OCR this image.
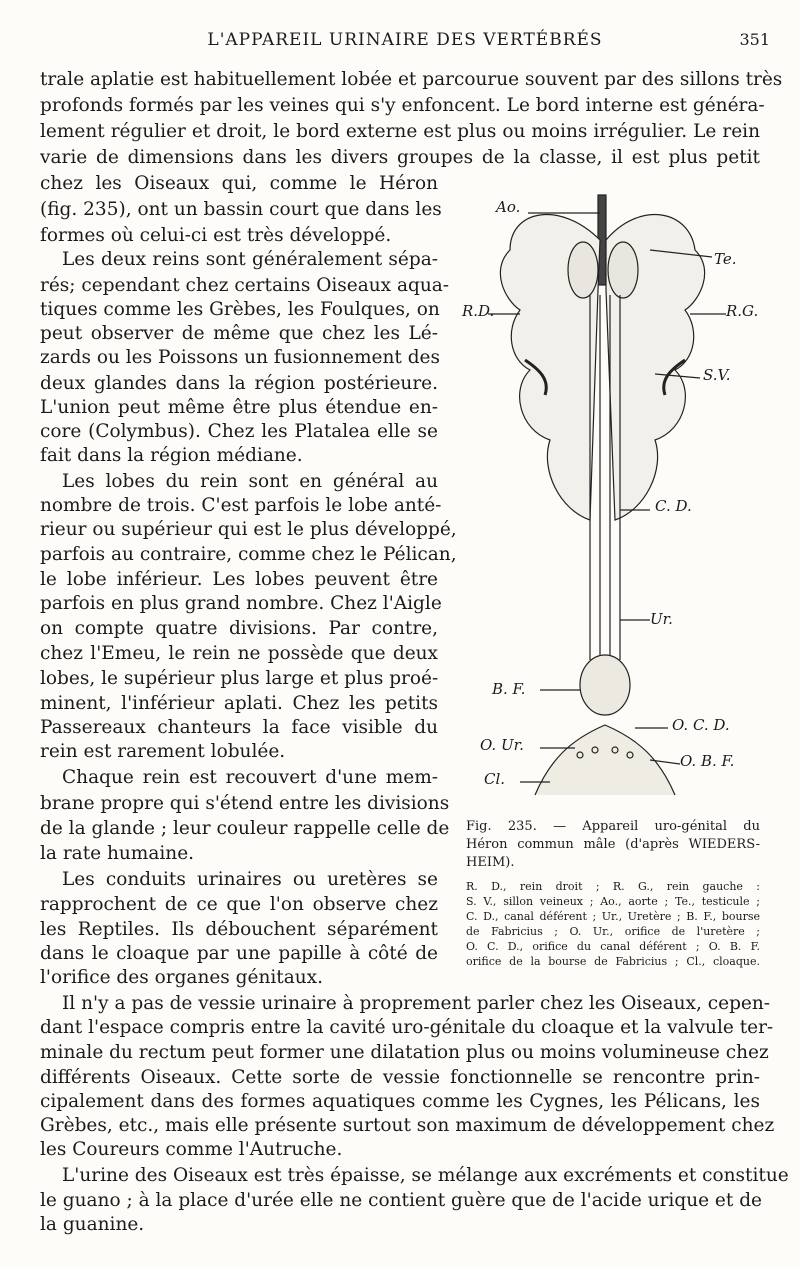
L'APPAREIL URINAIRE DES VERTÉBRÉS	351
trale aplatie est habituellement lobée et parcourue souvent par des sillons très
profonds formés par les veines qui s'y enfoncent. Le bord interne est généra-
lement régulier et droit, le bord externe est plus ou moins irrégulier. Le rein
varie de dimensions dans les divers groupes de la classe, il est plus petit
chez les Oiseaux qui, comme le Héron
(fig. 235), ont un bassin court que dans les
formes où celui-ci est très développé.
Les deux reins sont généralement sépa-
rés; cependant chez certains Oiseaux aqua-
tiques comme les Grèbes, les Foulques, on
peut observer de même que chez les Lé-
zards ou les Poissons un fusionnement des
deux glandes dans la région postérieure.
L'union peut même être plus étendue en-
core (Colymbus). Chez les Platalea elle se
fait dans la région médiane.
Les lobes du rein sont en général au
nombre de trois. C'est parfois le lobe anté-
rieur ou supérieur qui est le plus développé,
parfois au contraire, comme chez le Pélican,
le lobe inférieur. Les lobes peuvent être
parfois en plus grand nombre. Chez l'Aigle
on compte quatre divisions. Par contre,
chez l'Emeu, le rein ne possède que deux
lobes, le supérieur plus large et plus proé-
minent, l'inférieur aplati. Chez les petits
Passereaux chanteurs la face visible du
rein est rarement lobulée.
Chaque rein est recouvert d'une mem-
brane propre qui s'étend entre les divisions
de la glande ; leur couleur rappelle celle de
la rate humaine.
Les conduits urinaires ou uretères se
rapprochent de ce que l'on observe chez
les Reptiles. Ils débouchent séparément
dans le cloaque par une papille à côté de
l'orifice des organes génitaux.
Il n'y a pas de vessie urinaire à proprement parler chez les Oiseaux, cepen-
dant l'espace compris entre la cavité uro-génitale du cloaque et la valvule ter-
minale du rectum peut former une dilatation plus ou moins volumineuse chez
différents Oiseaux. Cette sorte de vessie fonctionnelle se rencontre prin-
cipalement dans des formes aquatiques comme les Cygnes, les Pélicans, les
Grèbes, etc., mais elle présente surtout son maximum de développement chez
les Coureurs comme l'Autruche.
L'urine des Oiseaux est très épaisse, se mélange aux excréments et constitue
le guano ; à la place d'urée elle ne contient guère que de l'acide urique et de
la guanine.
Ao.
Te.
R.D.	R.G.
S.V.
C. D.
Ur.
B. F.
O. Ur.
O. C. D.
O. B. F.
Cl.
Fig. 235. — Appareil uro-génital du
Héron commun mâle (d'après WIEDERS-
HEIM).
R. D., rein droit ; R. G., rein gauche :
S. V., sillon veineux ; Ao., aorte ; Te., testicule ;
C. D., canal déférent ; Ur., Uretère ; B. F., bourse
de Fabricius ; O. Ur., orifice de l'uretère ;
O. C. D., orifice du canal déférent ; O. B. F.
orifice de la bourse de Fabricius ; Cl., cloaque.
